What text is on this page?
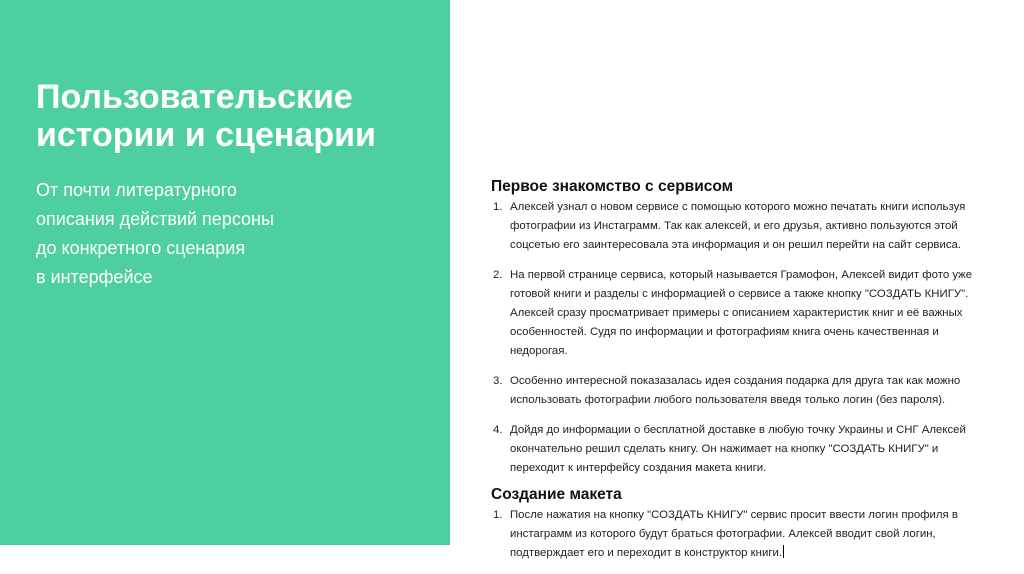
Пользовательские
истории и сценарии
От почти литературного
описания действий персоны
до конкретного сценария
в интерфейсе
Первое знакомство с сервисом
1. Алексей узнал о новом сервисе с помощью которого можно печатать книги используя
фотографии из Инстаграмм. Так как алексей, и его друзья, активно пользуются этой
соцсетью его заинтересовала эта информация и он решил перейти на сайт сервиса.
2. На первой странице сервиса, который называется Грамофон, Алексей видит фото уже
готовой книги и разделы с информацией о сервисе а также кнопку "СОЗДАТЬ КНИГУ".
Алексей сразу просматривает примеры с описанием характеристик книг и её важных
особенностей. Судя по информации и фотографиям книга очень качественная и
недорогая.
3. Особенно интересной показазалась идея создания подарка для друга так как можно
использовать фотографии любого пользователя введя только логин (без пароля).
4. Дойдя до информации о бесплатной доставке в любую точку Украины и СНГ Алексей
окончательно решил сделать книгу. Он нажимает на кнопку "СОЗДАТЬ КНИГУ" и
переходит к интерфейсу создания макета книги.
Создание макета
1. После нажатия на кнопку "СОЗДАТЬ КНИГУ" сервис просит ввести логин профиля в
инстаграмм из которого будут браться фотографии. Алексей вводит свой логин,
подтверждает его и переходит в конструктор книги.
